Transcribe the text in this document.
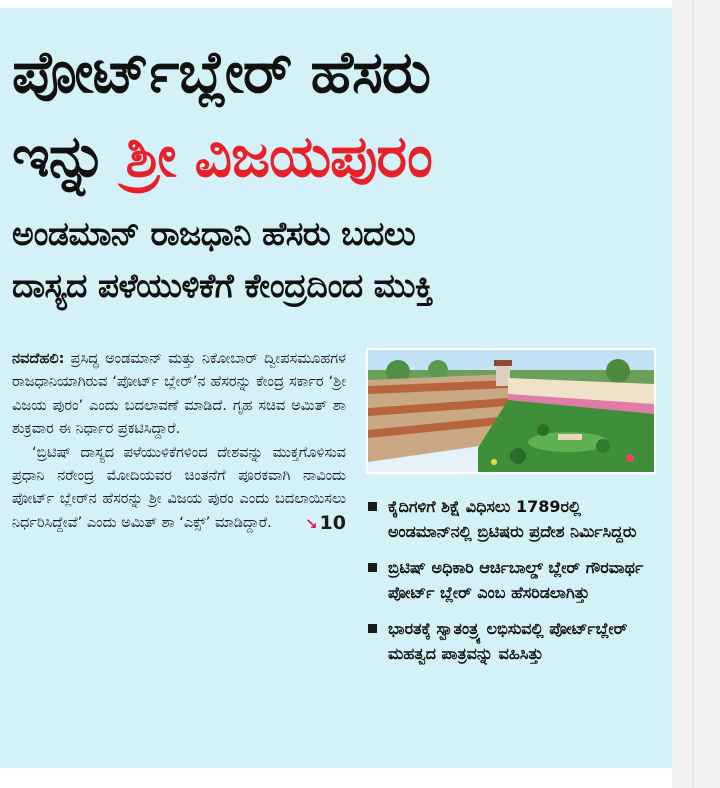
ಪೋರ್ಟ್‌ಬ್ಲೇರ್ ಹೆಸರು
ಇನ್ನು ಶ್ರೀ ವಿಜಯಪುರಂ
ಅಂಡಮಾನ್ ರಾಜಧಾನಿ ಹೆಸರು ಬದಲು
ದಾಸ್ಯದ ಪಳೆಯುಳಿಕೆಗೆ ಕೇಂದ್ರದಿಂದ ಮುಕ್ತಿ

ನವದೆಹಲಿ: ಪ್ರಸಿದ್ಧ ಅಂಡಮಾನ್ ಮತ್ತು ನಿಕೋಬಾರ್ ದ್ವೀಪಸಮೂಹಗಳ ರಾಜಧಾನಿಯಾಗಿರುವ ‘ಪೋರ್ಟ್ ಬ್ಲೇರ್’ನ ಹೆಸರನ್ನು ಕೇಂದ್ರ ಸರ್ಕಾರ ‘ಶ್ರೀ ವಿಜಯ ಪುರಂ’ ಎಂದು ಬದಲಾವಣೆ ಮಾಡಿದೆ. ಗೃಹ ಸಚಿವ ಅಮಿತ್ ಶಾ ಶುಕ್ರವಾರ ಈ ನಿರ್ಧಾರ ಪ್ರಕಟಿಸಿದ್ದಾರೆ.

‘ಬ್ರಿಟಿಷ್ ದಾಸ್ಯದ ಪಳೆಯುಳಿಕೆಗಳಿಂದ ದೇಶವನ್ನು ಮುಕ್ತಗೊಳಿಸುವ ಪ್ರಧಾನಿ ನರೇಂದ್ರ ಮೋದಿಯವರ ಚಿಂತನೆಗೆ ಪೂರಕವಾಗಿ ನಾವಿಂದು ಪೋರ್ಟ್ ಬ್ಲೇರ್‌ನ ಹೆಸರನ್ನು ಶ್ರೀ ವಿಜಯ ಪುರಂ ಎಂದು ಬದಲಾಯಿಸಲು ನಿರ್ಧರಿಸಿದ್ದೇವೆ’ ಎಂದು ಅಮಿತ್ ಶಾ ‘ಎಕ್ಸ್’ ಮಾಡಿದ್ದಾರೆ.	↘ 10

ಕೈದಿಗಳಿಗೆ ಶಿಕ್ಷೆ ವಿಧಿಸಲು 1789ರಲ್ಲಿ ಅಂಡಮಾನ್‌ನಲ್ಲಿ ಬ್ರಿಟಿಷರು ಪ್ರದೇಶ ನಿರ್ಮಿಸಿದ್ದರು
ಬ್ರಿಟಿಷ್ ಅಧಿಕಾರಿ ಆರ್ಚಿಬಾಲ್ಡ್ ಬ್ಲೇರ್ ಗೌರವಾರ್ಥ ಪೋರ್ಟ್ ಬ್ಲೇರ್ ಎಂಬ ಹೆಸರಿಡಲಾಗಿತ್ತು
ಭಾರತಕ್ಕೆ ಸ್ವಾತಂತ್ರ್ಯ ಲಭಿಸುವಲ್ಲಿ ಪೋರ್ಟ್‌ಬ್ಲೇರ್ ಮಹತ್ವದ ಪಾತ್ರವನ್ನು ವಹಿಸಿತ್ತು
